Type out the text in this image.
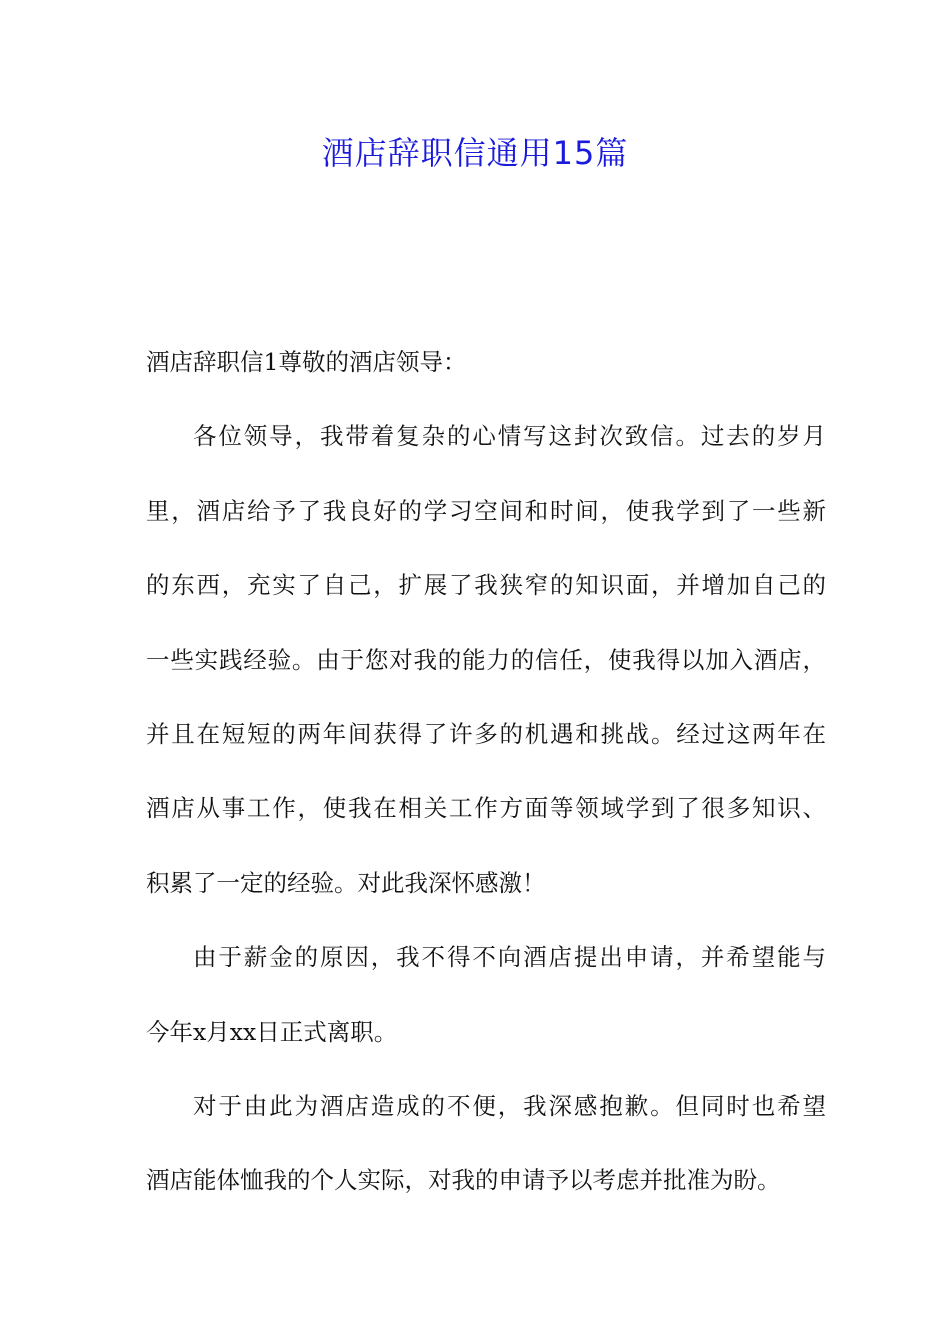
酒店辞职信通用15篇
酒店辞职信1尊敬的酒店领导：
各位领导，我带着复杂的心情写这封次致信。过去的岁月
里，酒店给予了我良好的学习空间和时间，使我学到了一些新
的东西，充实了自己，扩展了我狭窄的知识面，并增加自己的
一些实践经验。由于您对我的能力的信任，使我得以加入酒店，
并且在短短的两年间获得了许多的机遇和挑战。经过这两年在
酒店从事工作，使我在相关工作方面等领域学到了很多知识、
积累了一定的经验。对此我深怀感激！
由于薪金的原因，我不得不向酒店提出申请，并希望能与
今年x月xx日正式离职。
对于由此为酒店造成的不便，我深感抱歉。但同时也希望
酒店能体恤我的个人实际，对我的申请予以考虑并批准为盼。
